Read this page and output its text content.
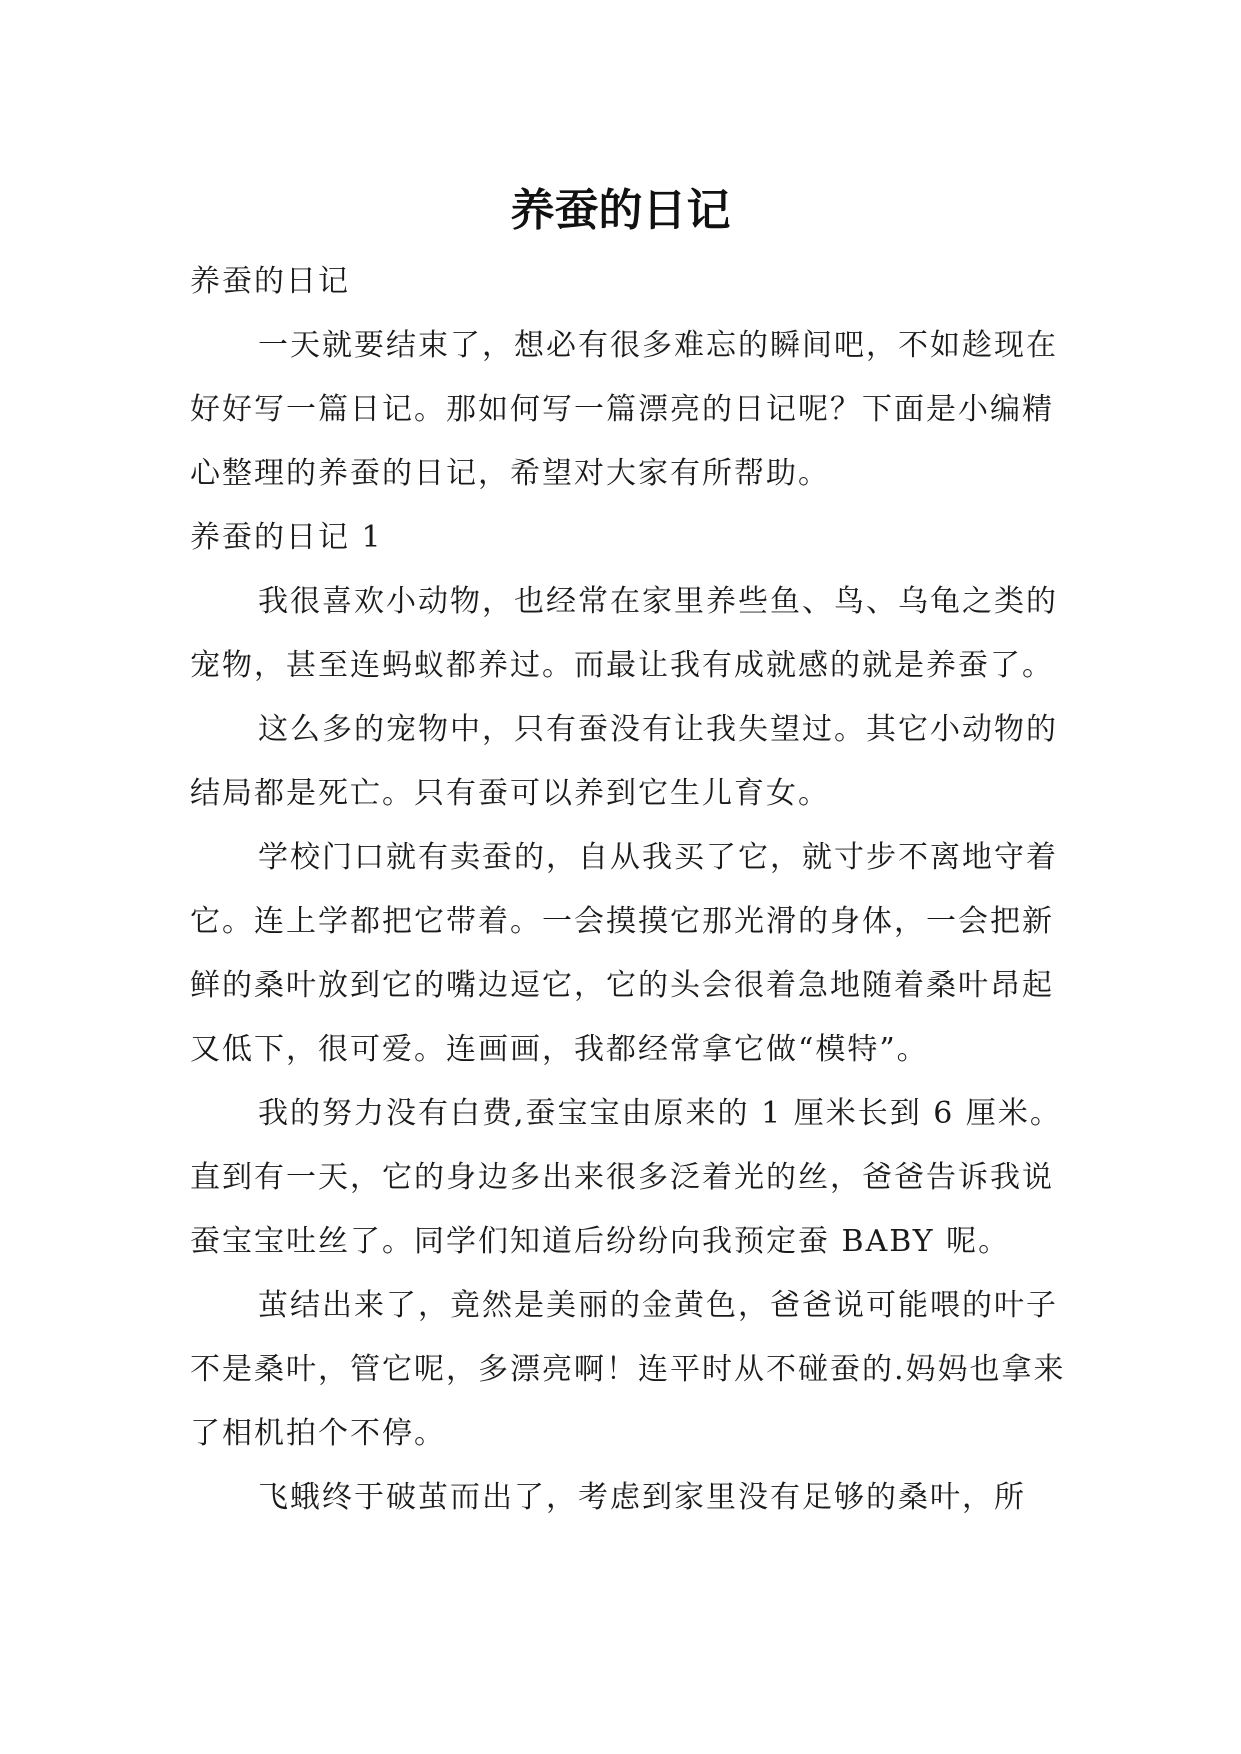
养蚕的日记

养蚕的日记

一天就要结束了，想必有很多难忘的瞬间吧，不如趁现在好好写一篇日记。那如何写一篇漂亮的日记呢？下面是小编精心整理的养蚕的日记，希望对大家有所帮助。

养蚕的日记 1

我很喜欢小动物，也经常在家里养些鱼、鸟、乌龟之类的宠物，甚至连蚂蚁都养过。而最让我有成就感的就是养蚕了。

这么多的宠物中，只有蚕没有让我失望过。其它小动物的结局都是死亡。只有蚕可以养到它生儿育女。

学校门口就有卖蚕的，自从我买了它，就寸步不离地守着它。连上学都把它带着。一会摸摸它那光滑的身体，一会把新鲜的桑叶放到它的嘴边逗它，它的头会很着急地随着桑叶昂起又低下，很可爱。连画画，我都经常拿它做“模特”。

我的努力没有白费,蚕宝宝由原来的 1 厘米长到 6 厘米。直到有一天，它的身边多出来很多泛着光的丝，爸爸告诉我说蚕宝宝吐丝了。同学们知道后纷纷向我预定蚕 BABY 呢。

茧结出来了，竟然是美丽的金黄色，爸爸说可能喂的叶子不是桑叶，管它呢，多漂亮啊！连平时从不碰蚕的.妈妈也拿来了相机拍个不停。

飞蛾终于破茧而出了，考虑到家里没有足够的桑叶，所
